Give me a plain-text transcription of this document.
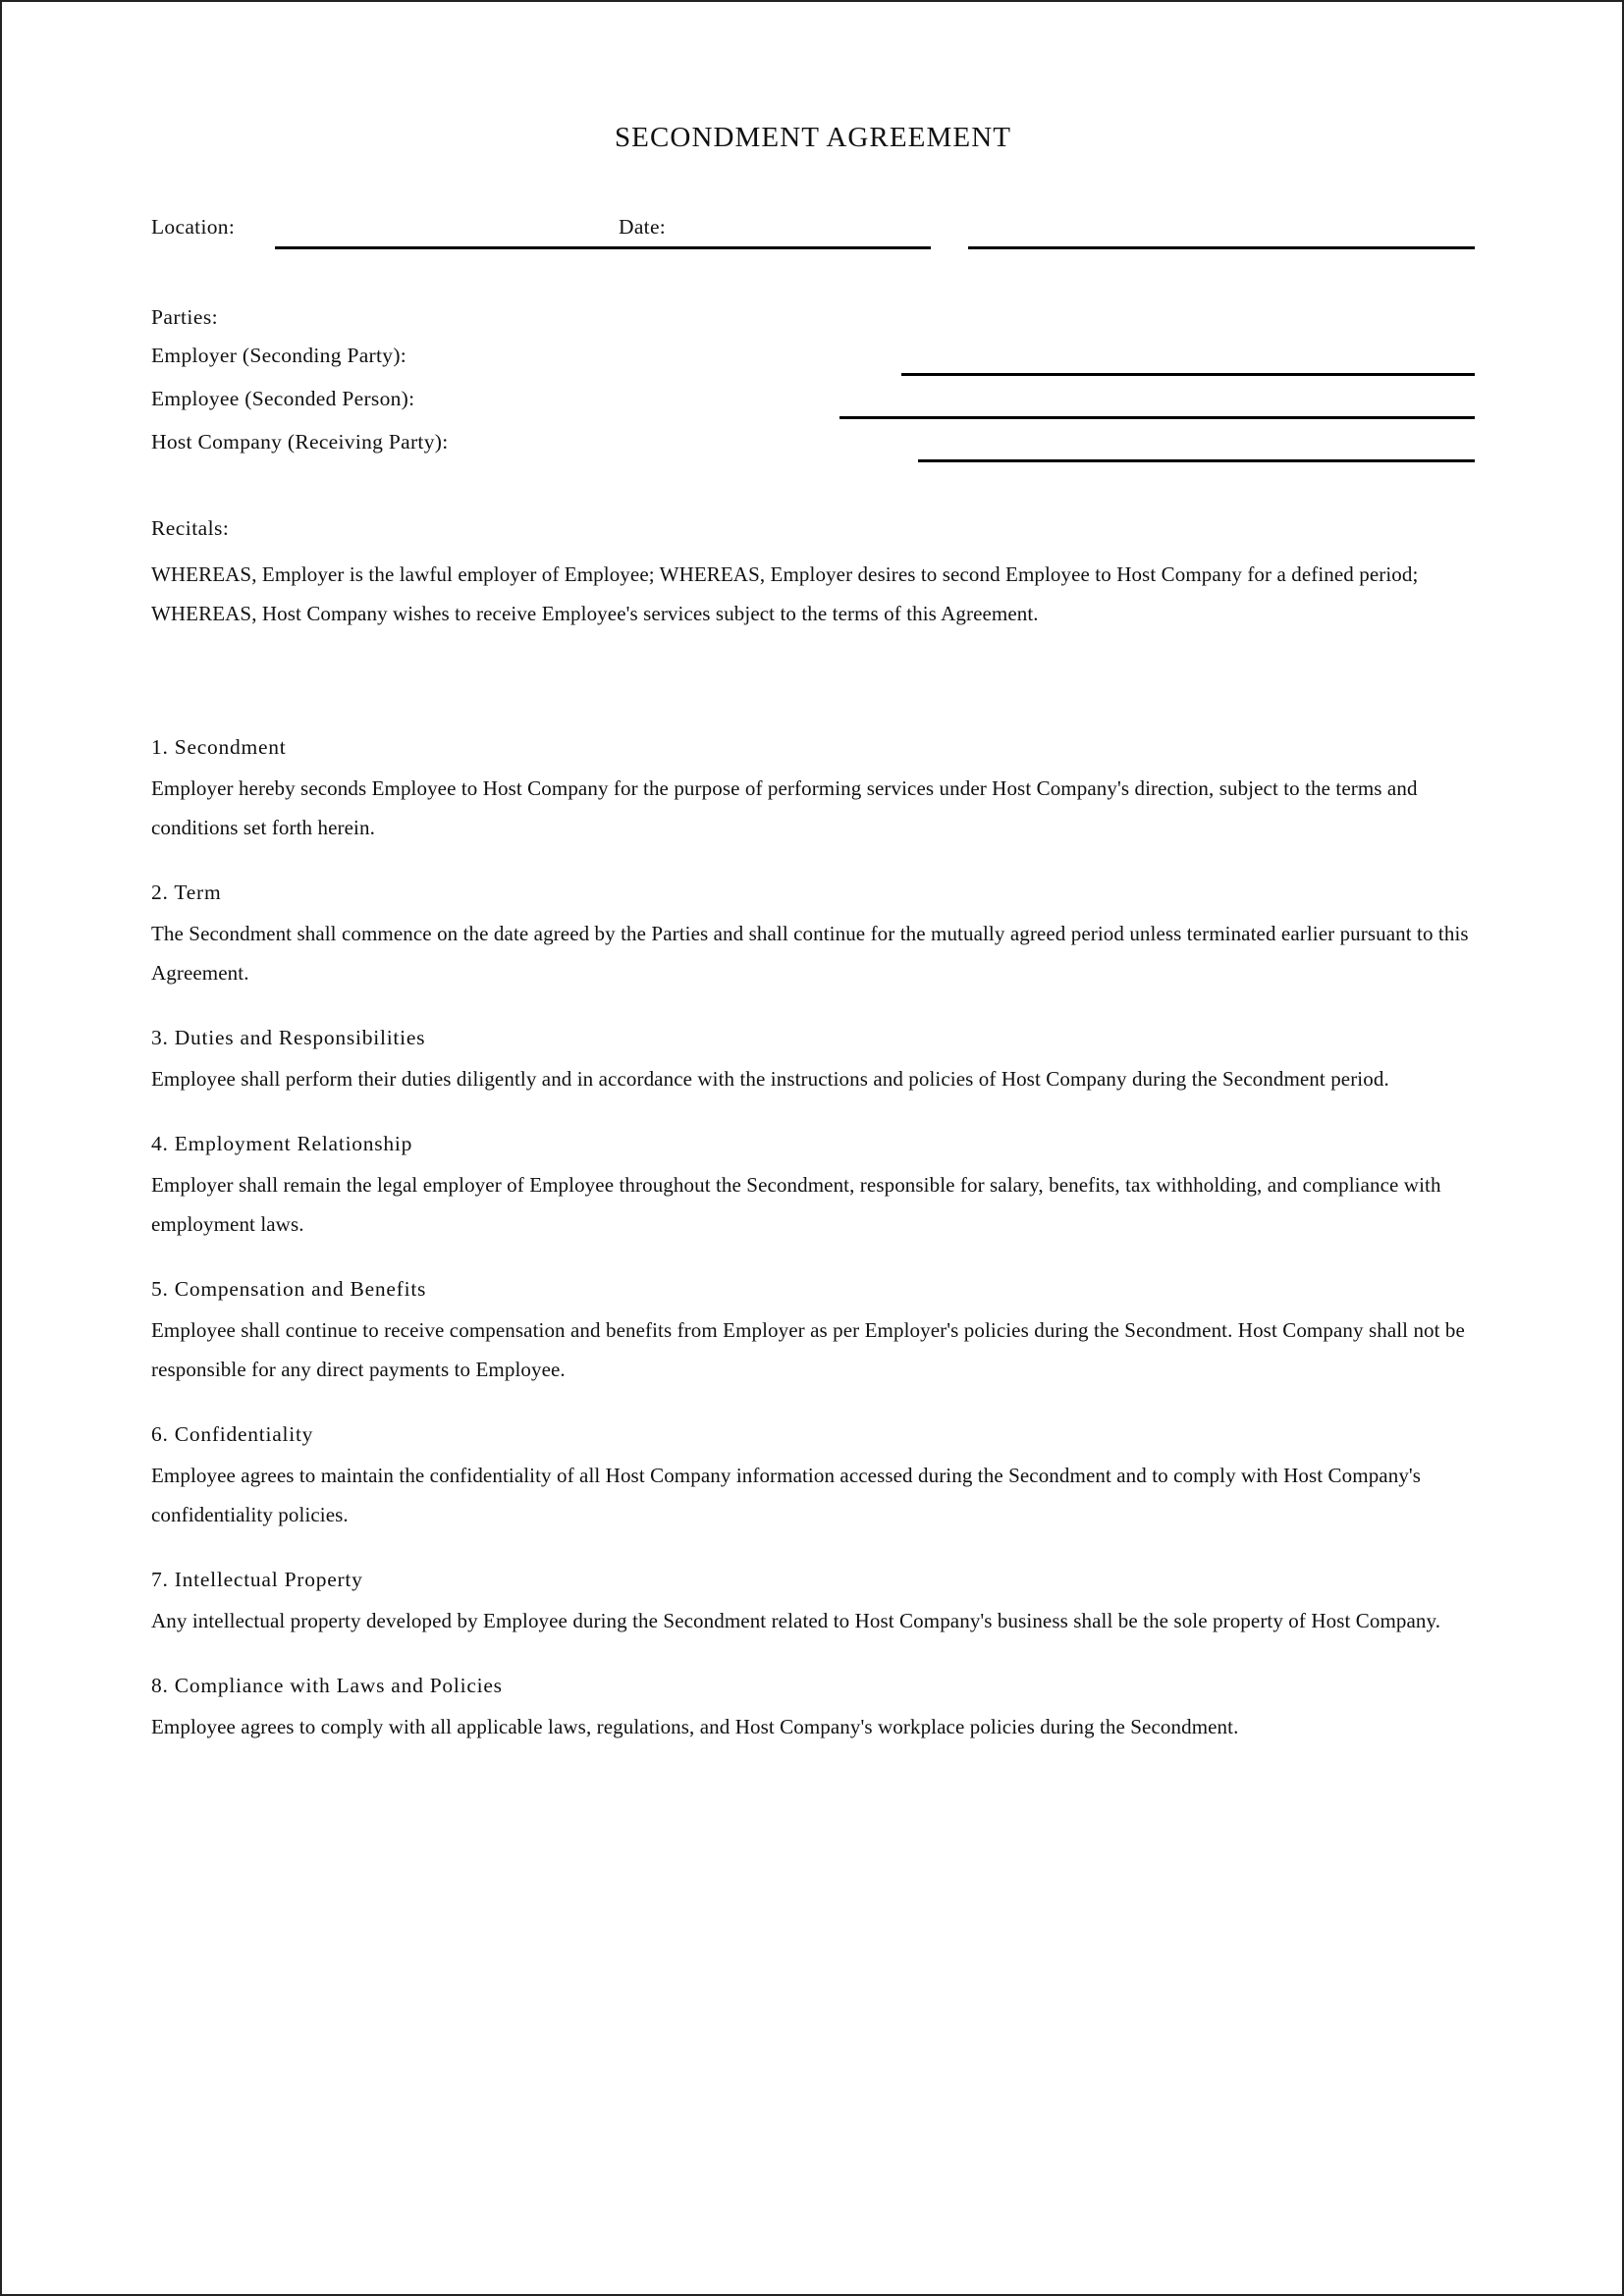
SECONDMENT AGREEMENT
Location:	Date:
Parties:
Employer (Seconding Party):
Employee (Seconded Person):
Host Company (Receiving Party):
Recitals:

WHEREAS, Employer is the lawful employer of Employee; WHEREAS, Employer desires to second Employee to Host Company for a defined period; WHEREAS, Host Company wishes to receive Employee's services subject to the terms of this Agreement.

1. Secondment

Employer hereby seconds Employee to Host Company for the purpose of performing services under Host Company's direction, subject to the terms and conditions set forth herein.

2. Term

The Secondment shall commence on the date agreed by the Parties and shall continue for the mutually agreed period unless terminated earlier pursuant to this Agreement.

3. Duties and Responsibilities

Employee shall perform their duties diligently and in accordance with the instructions and policies of Host Company during the Secondment period.

4. Employment Relationship

Employer shall remain the legal employer of Employee throughout the Secondment, responsible for salary, benefits, tax withholding, and compliance with employment laws.

5. Compensation and Benefits

Employee shall continue to receive compensation and benefits from Employer as per Employer's policies during the Secondment. Host Company shall not be responsible for any direct payments to Employee.

6. Confidentiality

Employee agrees to maintain the confidentiality of all Host Company information accessed during the Secondment and to comply with Host Company's confidentiality policies.

7. Intellectual Property

Any intellectual property developed by Employee during the Secondment related to Host Company's business shall be the sole property of Host Company.

8. Compliance with Laws and Policies

Employee agrees to comply with all applicable laws, regulations, and Host Company's workplace policies during the Secondment.
